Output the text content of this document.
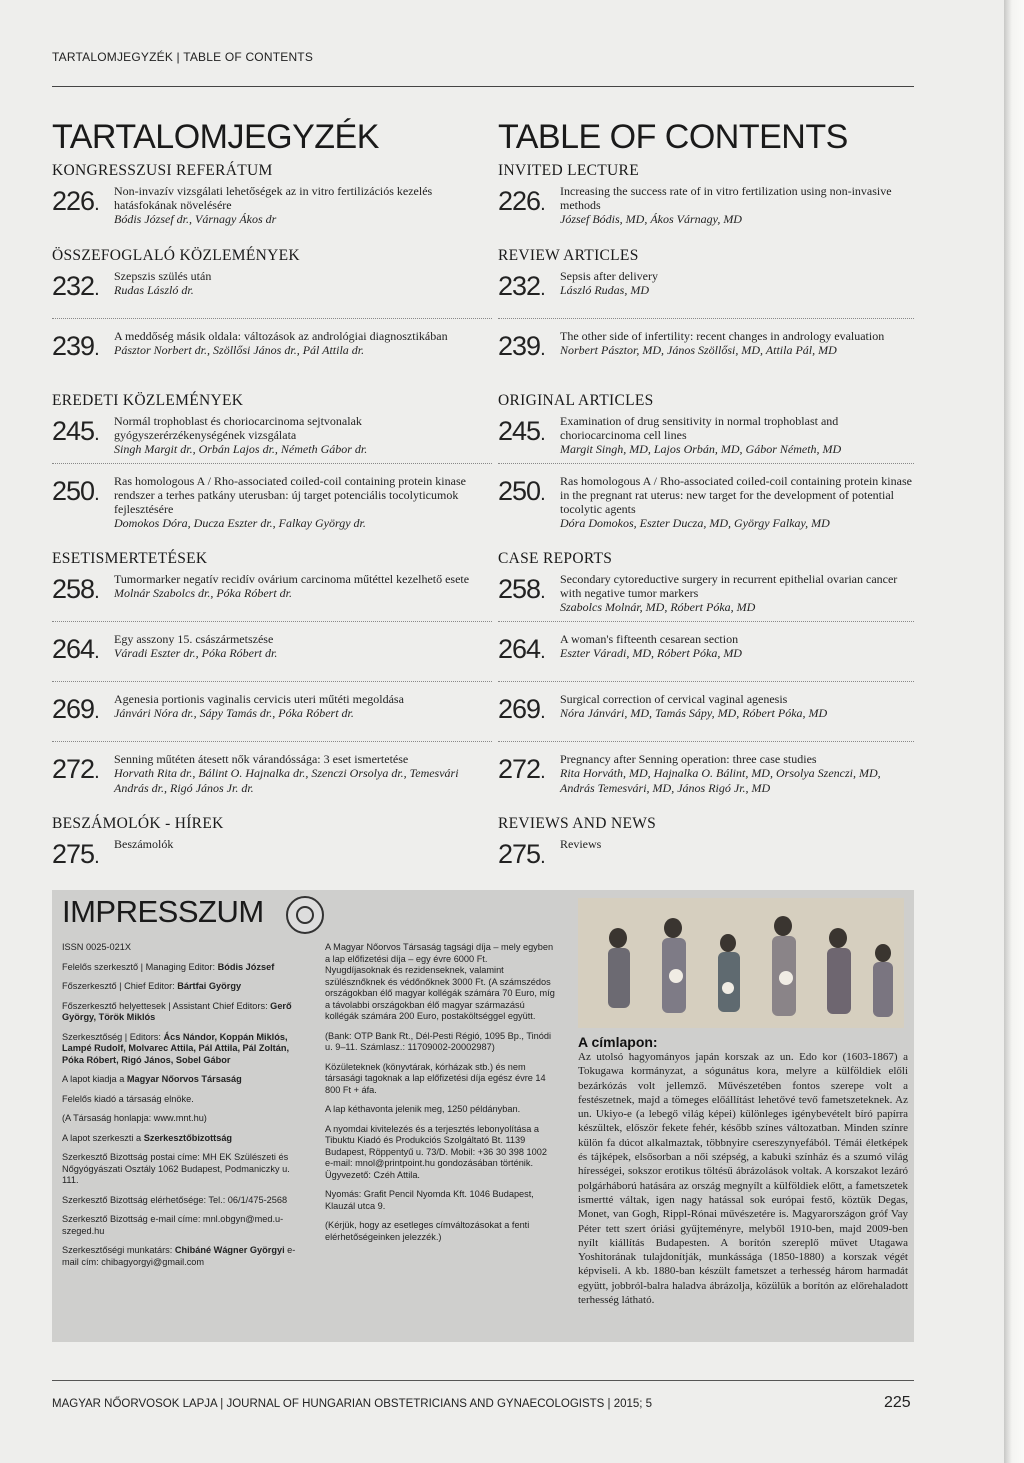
TARTALOMJEGYZÉK | TABLE OF CONTENTS
TARTALOMJEGYZÉK	TABLE OF CONTENTS
KONGRESSZUSI REFERÁTUM
226 .	Non-invazív vizsgálati lehetőségek az in vitro fertilizációs kezelés hatásfokának növelésére
Bódis József dr., Várnagy Ákos dr
ÖSSZEFOGLALÓ KÖZLEMÉNYEK
232 .	Szepszis szülés után
Rudas László dr.
239 .	A meddőség másik oldala: változások az andrológiai diagnosztikában
Pásztor Norbert dr., Szöllősi János dr., Pál Attila dr.
EREDETI KÖZLEMÉNYEK
245 .	Normál trophoblast és choriocarcinoma sejtvonalak gyógyszerérzékenységének vizsgálata
Singh Margit dr., Orbán Lajos dr., Németh Gábor dr.
250 .	Ras homologous A / Rho-associated coiled-coil containing protein kinase rendszer a terhes patkány uterusban: új target potenciális tocolyticumok fejlesztésére
Domokos Dóra, Ducza Eszter dr., Falkay György dr.
ESETISMERTETÉSEK
258 .	Tumormarker negatív recidív ovárium carcinoma műtéttel kezelhető esete
Molnár Szabolcs dr., Póka Róbert dr.
264 .	Egy asszony 15. császármetszése
Váradi Eszter dr., Póka Róbert dr.
269 .	Agenesia portionis vaginalis cervicis uteri műtéti megoldása
Jánvári Nóra dr., Sápy Tamás dr., Póka Róbert dr.
272 .	Senning műtéten átesett nők várandóssága: 3 eset ismertetése
Horvath Rita dr., Bálint O. Hajnalka dr., Szenczi Orsolya dr., Temesvári András dr., Rigó János Jr. dr.
BESZÁMOLÓK - HÍREK
275 .	Beszámolók
INVITED LECTURE
226 .	Increasing the success rate of in vitro fertilization using non-invasive methods
József Bódis, MD, Ákos Várnagy, MD
REVIEW ARTICLES
232 .	Sepsis after delivery
László Rudas, MD
239 .	The other side of infertility: recent changes in andrology evaluation
Norbert Pásztor, MD, János Szöllősi, MD, Attila Pál, MD
ORIGINAL ARTICLES
245 .	Examination of drug sensitivity in normal trophoblast and choriocarcinoma cell lines
Margit Singh, MD, Lajos Orbán, MD, Gábor Németh, MD
250 .	Ras homologous A / Rho-associated coiled-coil containing protein kinase in the pregnant rat uterus: new target for the development of potential tocolytic agents
Dóra Domokos, Eszter Ducza, MD, György Falkay, MD
CASE REPORTS
258 .	Secondary cytoreductive surgery in recurrent epithelial ovarian cancer with negative tumor markers
Szabolcs Molnár, MD, Róbert Póka, MD
264 .	A woman's fifteenth cesarean section
Eszter Váradi, MD, Róbert Póka, MD
269 .	Surgical correction of cervical vaginal agenesis
Nóra Jánvári, MD, Tamás Sápy, MD, Róbert Póka, MD
272 .	Pregnancy after Senning operation: three case studies
Rita Horváth, MD, Hajnalka O. Bálint, MD, Orsolya Szenczi, MD, András Temesvári, MD, János Rigó Jr., MD
REVIEWS AND NEWS
275 .	Reviews
IMPRESSZUM

ISSN 0025-021X

Felelős szerkesztő | Managing Editor: Bódis József

Főszerkesztő | Chief Editor: Bártfai György

Főszerkesztő helyettesek | Assistant Chief Editors: Gerő György, Török Miklós

Szerkesztőség | Editors: Ács Nándor, Koppán Miklós, Lampé Rudolf, Molvarec Attila, Pál Attila, Pál Zoltán, Póka Róbert, Rigó János, Sobel Gábor

A lapot kiadja a Magyar Nőorvos Társaság

Felelős kiadó a társaság elnöke.

(A Társaság honlapja: www.mnt.hu)

A lapot szerkeszti a Szerkesztőbizottság

Szerkesztő Bizottság postai címe: MH EK Szülészeti és Nőgyógyászati Osztály 1062 Budapest, Podmaniczky u. 111.

Szerkesztő Bizottság elérhetősége: Tel.: 06/1/475-2568

Szerkesztő Bizottság e-mail címe: mnl.obgyn@med.u-szeged.hu

Szerkesztőségi munkatárs: Chibáné Wágner Györgyi e-mail cím: chibagyorgyi@gmail.com

A Magyar Nőorvos Társaság tagsági díja – mely egyben a lap előfizetési díja – egy évre 6000 Ft. Nyugdíjasoknak és rezidenseknek, valamint szülésznőknek és védőnőknek 3000 Ft. (A számszédos országokban élő magyar kollégák számára 70 Euro, míg a távolabbi országokban élő magyar származású kollégák számára 200 Euro, postaköltséggel együtt.

(Bank: OTP Bank Rt., Dél-Pesti Régió, 1095 Bp., Tinódi u. 9–11. Számlasz.: 11709002-20002987)

Közületeknek (könyvtárak, kórházak stb.) és nem társasági tagoknak a lap előfizetési díja egész évre 14 800 Ft + áfa.

A lap kéthavonta jelenik meg, 1250 példányban.

A nyomdai kivitelezés és a terjesztés lebonyolítása a Tibuktu Kiadó és Produkciós Szolgáltató Bt. 1139 Budapest, Röppentyű u. 73/D. Mobil: +36 30 398 1002 e-mail: mnol@printpoint.hu gondozásában történik. Ügyvezető: Czéh Attila.

Nyomás: Grafit Pencil Nyomda Kft. 1046 Budapest, Klauzál utca 9.

(Kérjük, hogy az esetleges címváltozásokat a fenti elérhetőségeinken jelezzék.)

A címlapon:
Az utolsó hagyományos japán korszak az un. Edo kor (1603-1867) a Tokugawa kormányzat, a sógunátus kora, melyre a külföldiek előli bezárkózás volt jellemző. Művészetében fontos szerepe volt a festészetnek, majd a tömeges előállítást lehetővé tevő fametszeteknek. Az un. Ukiyo-e (a lebegő világ képei) különleges igénybevételt bíró papírra készültek, először fekete fehér, később színes változatban. Minden színre külön fa dúcot alkalmaztak, többnyire csereszynyefából. Témái életképek és tájképek, elsősorban a női szépség, a kabuki színház és a szumó világ hírességei, sokszor erotikus töltésű ábrázolások voltak. A korszakot lezáró polgárháború hatására az ország megnyílt a külföldiek előtt, a fametszetek ismertté váltak, igen nagy hatással sok európai festő, köztük Degas, Monet, van Gogh, Rippl-Rónai művészetére is. Magyarországon gróf Vay Péter tett szert óriási gyűjteményre, melyből 1910-ben, majd 2009-ben nyílt kiállítás Budapesten. A borítón szereplő művet Utagawa Yoshitorának tulajdonítják, munkássága (1850-1880) a korszak végét képviseli. A kb. 1880-ban készült fametszet a terhesség három harmadát együtt, jobbról-balra haladva ábrázolja, közülük a borítón az előrehaladott terhesség látható.
MAGYAR NŐORVOSOK LAPJA | JOURNAL OF HUNGARIAN OBSTETRICIANS AND GYNAECOLOGISTS | 2015; 5	225
